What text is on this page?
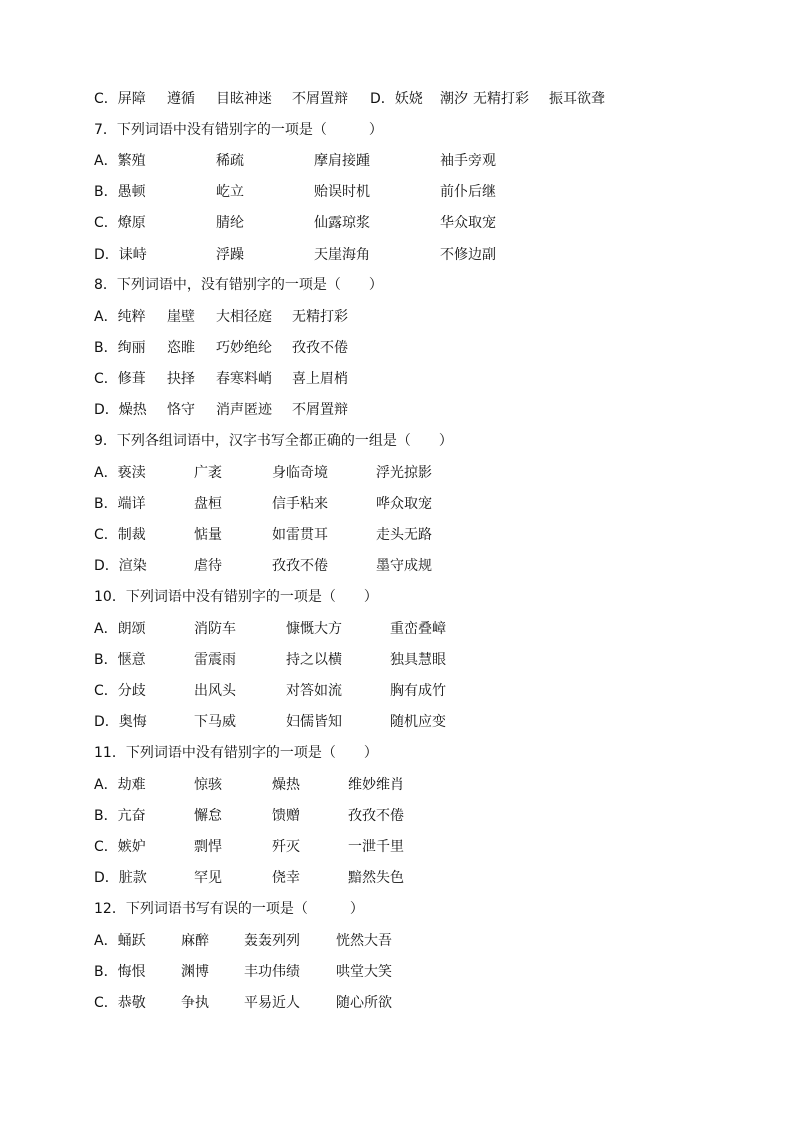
C．屏障 遵循 目眩神迷 不屑置辩 D．妖娆 潮汐 无精打彩 振耳欲聋
7．下列词语中没有错别字的一项是（　　　）
A．繁殖	稀疏	摩肩接踵	袖手旁观
B．愚顿	屹立	贻误时机	前仆后继
C．燎原	腈纶	仙露琼浆	华众取宠
D．诔峙	浮躁	天崖海角	不修边副
8．下列词语中，没有错别字的一项是（　　）
A．纯粹 崖壁 大相径庭 无精打彩
B．绚丽 恣睢 巧妙绝纶 孜孜不倦
C．修葺 抉择 春寒料峭 喜上眉梢
D．燥热 恪守 消声匿迹 不屑置辩
9．下列各组词语中，汉字书写全都正确的一组是（　　）
A．亵渎	广袤	身临奇境	浮光掠影
B．端详	盘桓	信手粘来	哗众取宠
C．制裁	惦量	如雷贯耳	走头无路
D．渲染	虐待	孜孜不倦	墨守成规
10．下列词语中没有错别字的一项是（　　）
A．朗颂	消防车	慷慨大方	重峦叠嶂
B．惬意	雷震雨	持之以横	独具慧眼
C．分歧	出风头	对答如流	胸有成竹
D．奥悔	下马威	妇儒皆知	随机应变
11．下列词语中没有错别字的一项是（　　）
A．劫难	惊骇	燥热	维妙维肖
B．亢奋	懈怠	馈赠	孜孜不倦
C．嫉妒	剽悍	歼灭	一泄千里
D．脏款	罕见	侥幸	黯然失色
12．下列词语书写有误的一项是（　　　）
A．蛹跃	麻醉	轰轰列列	恍然大吾
B．悔恨	渊博	丰功伟绩	哄堂大笑
C．恭敬	争执	平易近人	随心所欲
